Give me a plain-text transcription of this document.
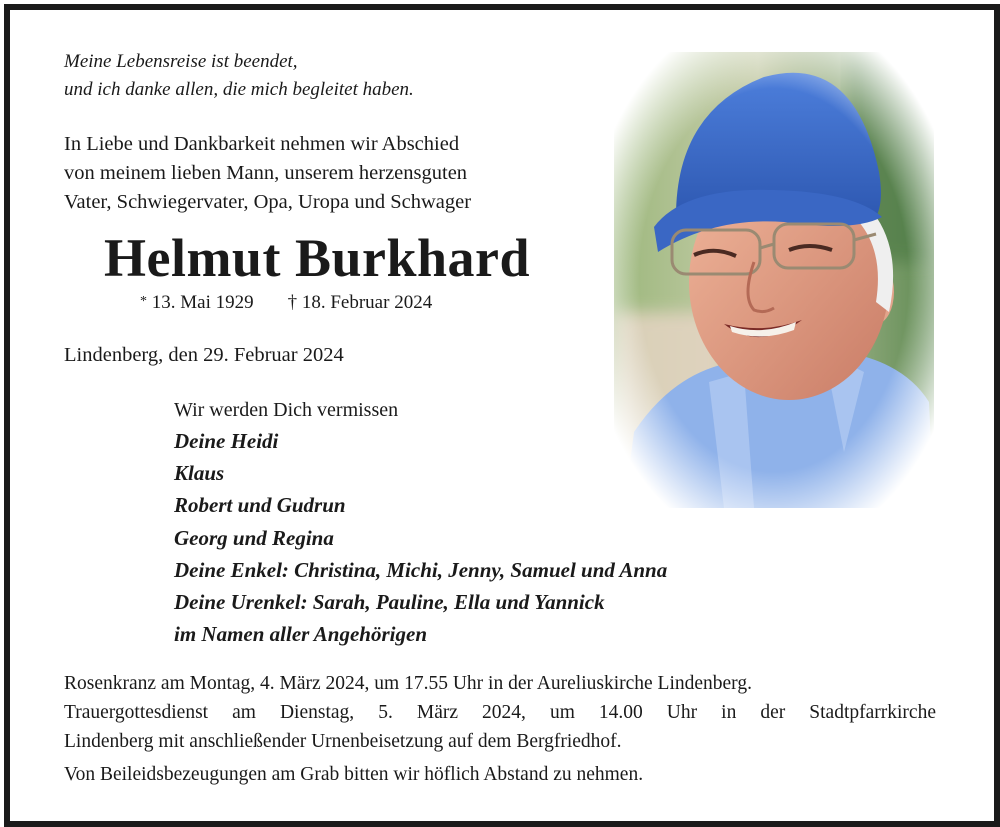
Meine Lebensreise ist beendet,
und ich danke allen, die mich begleitet haben.

In Liebe und Dankbarkeit nehmen wir Abschied
von meinem lieben Mann, unserem herzensguten
Vater, Schwiegervater, Opa, Uropa und Schwager

Helmut Burkhard

* 13. Mai 1929 † 18. Februar 2024

Lindenberg, den 29. Februar 2024

Wir werden Dich vermissen

Deine Heidi
Klaus
Robert und Gudrun
Georg und Regina
Deine Enkel: Christina, Michi, Jenny, Samuel und Anna
Deine Urenkel: Sarah, Pauline, Ella und Yannick
im Namen aller Angehörigen
Rosenkranz am Montag, 4. März 2024, um 17.55 Uhr in der Aureliuskirche Lindenberg.
Trauergottesdienst am Dienstag, 5. März 2024, um 14.00 Uhr in der Stadtpfarrkirche
Lindenberg mit anschließender Urnenbeisetzung auf dem Bergfriedhof.
Von Beileidsbezeugungen am Grab bitten wir höflich Abstand zu nehmen.
